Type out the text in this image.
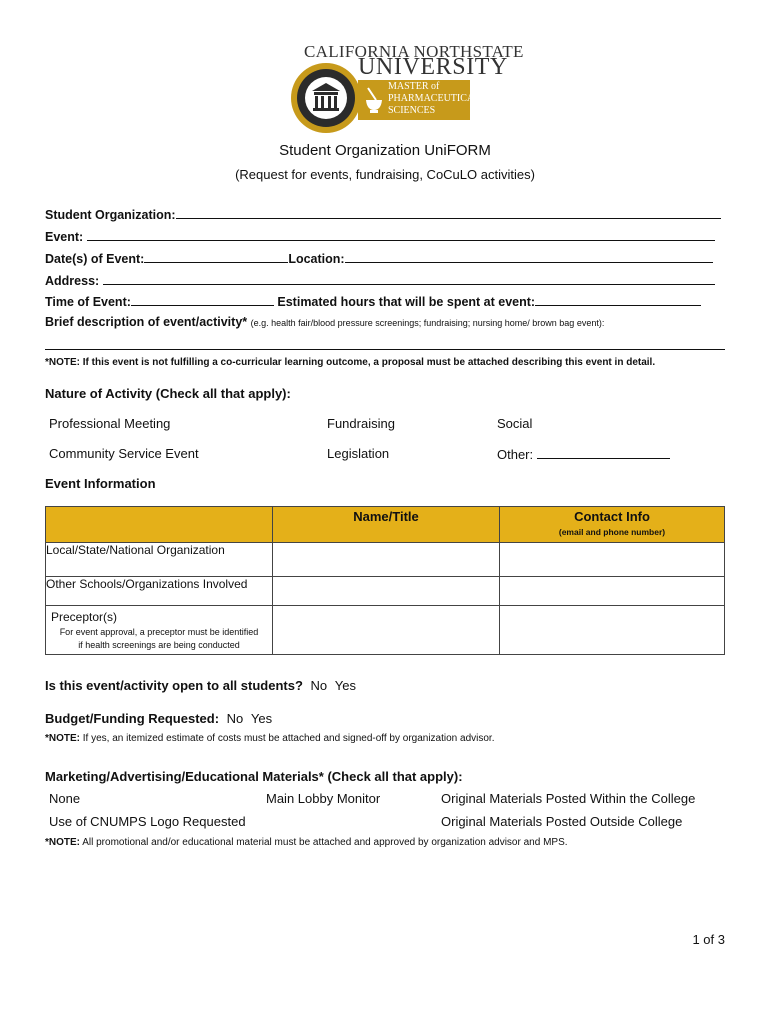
CALIFORNIA NORTHSTATE
UNIVERSITY
MASTER of
PHARMACEUTICAL
SCIENCES
Student Organization UniFORM
(Request for events, fundraising, CoCuLO activities)
Student Organization:
Event:
Date(s) of Event:	Location:
Address:
Time of Event:	Estimated hours that will be spent at event:
Brief description of event/activity* (e.g. health fair/blood pressure screenings; fundraising; nursing home/ brown bag event):
*NOTE: If this event is not fulfilling a co-curricular learning outcome, a proposal must be attached describing this event in detail.
Nature of Activity (Check all that apply):
Professional Meeting	Fundraising	Social
Community Service Event	Legislation	Other:
Event Information
	Name/Title	Contact Info
(email and phone number)

Local/State/National Organization		
Other Schools/Organizations Involved		

Preceptor(s)
For event approval, a preceptor must be identified
if health screenings are being conducted		

Is this event/activity open to all students? No Yes
Budget/Funding Requested: No Yes
*NOTE: If yes, an itemized estimate of costs must be attached and signed-off by organization advisor.
Marketing/Advertising/Educational Materials* (Check all that apply):
None	Main Lobby Monitor	Original Materials Posted Within the College
Use of CNUMPS Logo Requested	Original Materials Posted Outside College
*NOTE: All promotional and/or educational material must be attached and approved by organization advisor and MPS.
1 of 3
